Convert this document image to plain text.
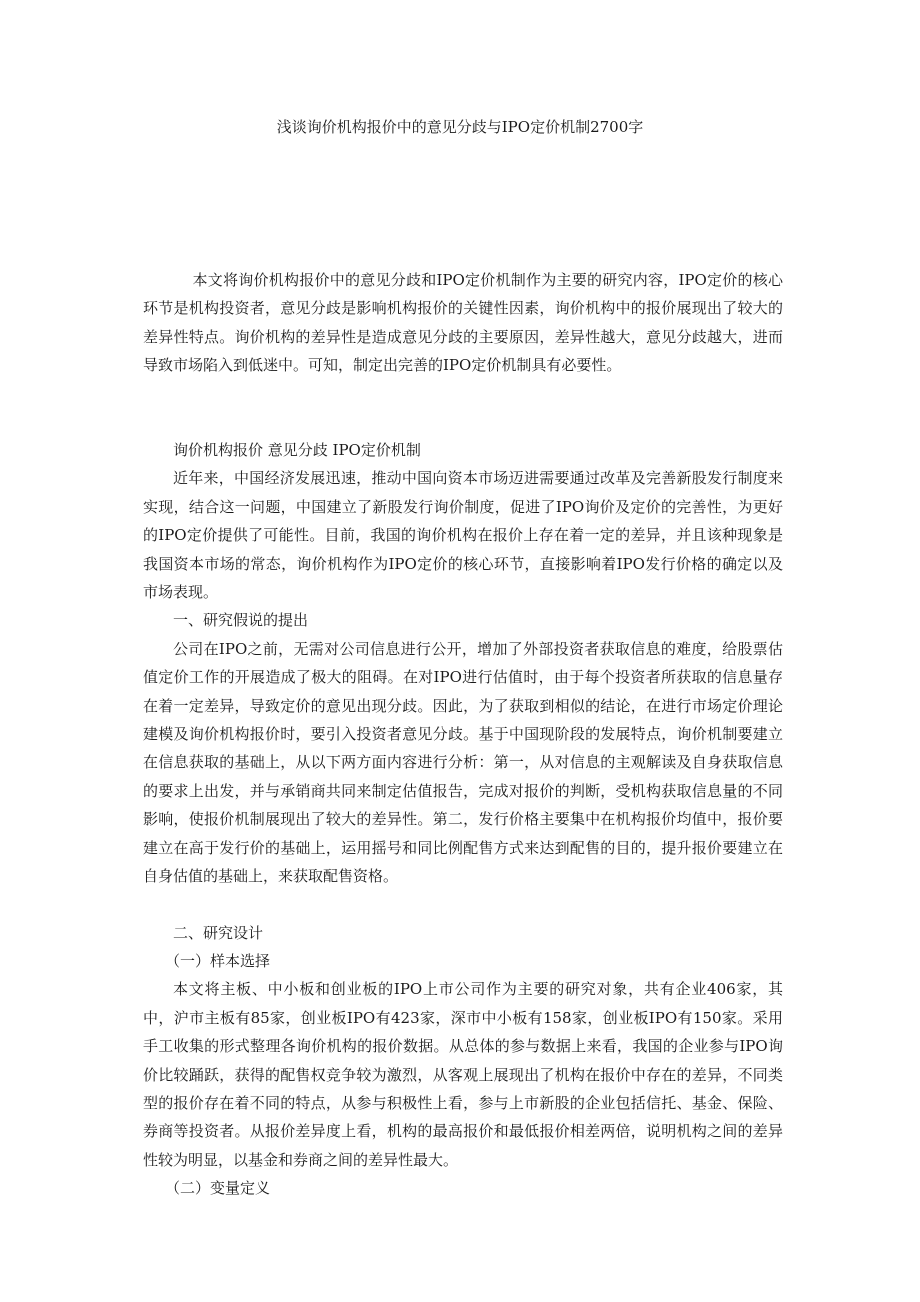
浅谈询价机构报价中的意见分歧与IPO定价机制2700字

本文将询价机构报价中的意见分歧和IPO定价机制作为主要的研究内容，IPO定价的核心环节是机构投资者，意见分歧是影响机构报价的关键性因素，询价机构中的报价展现出了较大的差异性特点。询价机构的差异性是造成意见分歧的主要原因，差异性越大，意见分歧越大，进而导致市场陷入到低迷中。可知，制定出完善的IPO定价机制具有必要性。

询价机构报价 意见分歧 IPO定价机制

近年来，中国经济发展迅速，推动中国向资本市场迈进需要通过改革及完善新股发行制度来实现，结合这一问题，中国建立了新股发行询价制度，促进了IPO询价及定价的完善性，为更好的IPO定价提供了可能性。目前，我国的询价机构在报价上存在着一定的差异，并且该种现象是我国资本市场的常态，询价机构作为IPO定价的核心环节，直接影响着IPO发行价格的确定以及市场表现。

一、研究假说的提出

公司在IPO之前，无需对公司信息进行公开，增加了外部投资者获取信息的难度，给股票估值定价工作的开展造成了极大的阻碍。在对IPO进行估值时，由于每个投资者所获取的信息量存在着一定差异，导致定价的意见出现分歧。因此，为了获取到相似的结论，在进行市场定价理论建模及询价机构报价时，要引入投资者意见分歧。基于中国现阶段的发展特点，询价机制要建立在信息获取的基础上，从以下两方面内容进行分析：第一，从对信息的主观解读及自身获取信息的要求上出发，并与承销商共同来制定估值报告，完成对报价的判断，受机构获取信息量的不同影响，使报价机制展现出了较大的差异性。第二，发行价格主要集中在机构报价均值中，报价要建立在高于发行价的基础上，运用摇号和同比例配售方式来达到配售的目的，提升报价要建立在自身估值的基础上，来获取配售资格。

二、研究设计

（一）样本选择

本文将主板、中小板和创业板的IPO上市公司作为主要的研究对象，共有企业406家，其中，沪市主板有85家，创业板IPO有423家，深市中小板有158家，创业板IPO有150家。采用手工收集的形式整理各询价机构的报价数据。从总体的参与数据上来看，我国的企业参与IPO询价比较踊跃，获得的配售权竞争较为激烈，从客观上展现出了机构在报价中存在的差异，不同类型的报价存在着不同的特点，从参与积极性上看，参与上市新股的企业包括信托、基金、保险、券商等投资者。从报价差异度上看，机构的最高报价和最低报价相差两倍，说明机构之间的差异性较为明显，以基金和券商之间的差异性最大。

（二）变量定义
